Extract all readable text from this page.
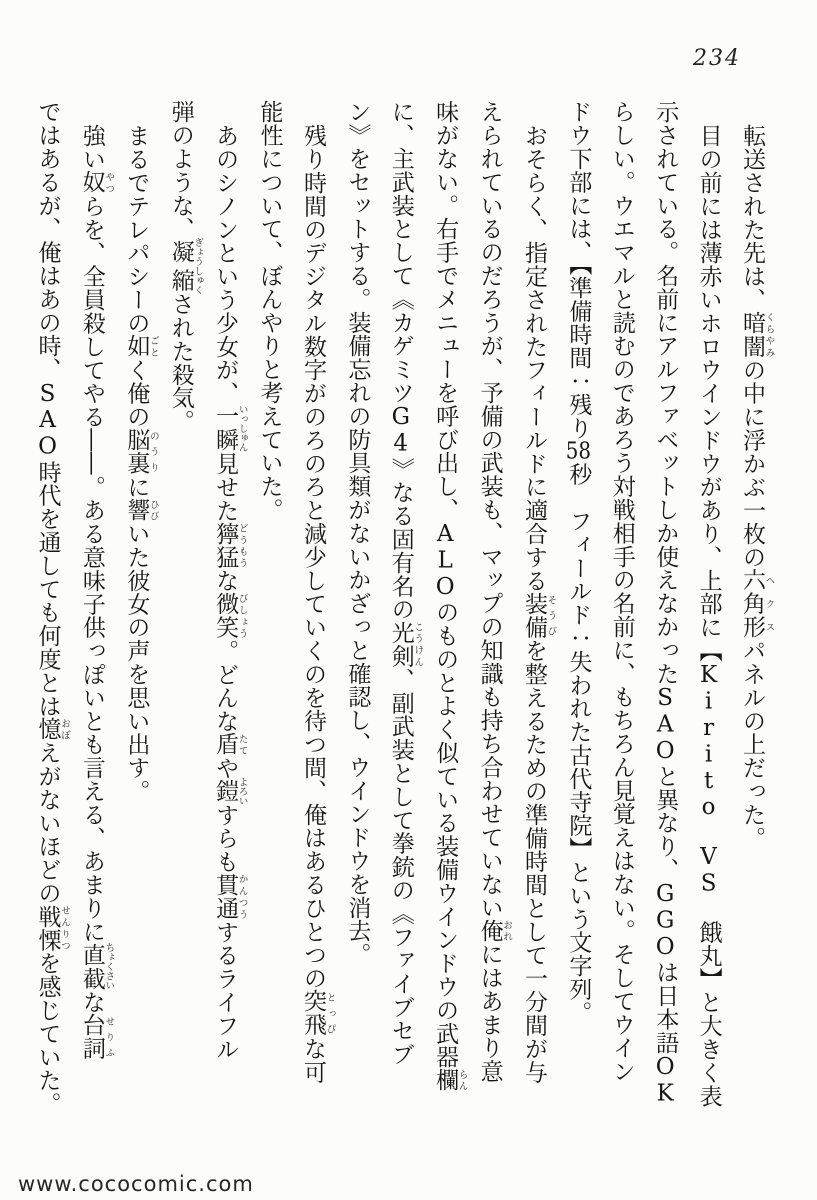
234
転送された先は、暗闇くらやみの中に浮かぶ一枚の六角形ヘクスパネルの上だった。
目の前には薄赤いホロウインドウがあり、上部に【Kirito　VS　餓丸】と大きく表
示されている。名前にアルファベットしか使えなかったSAOと異なり、GGOは日本語OK
らしい。ウエマルと読むのであろう対戦相手の名前に、もちろん見覚えはない。そしてウイン
ドウ下部には、【準備時間：残り58秒　フィールド：失われた古代寺院】という文字列。
おそらく、指定されたフィールドに適合する装備そうびを整えるための準備時間として一分間が与
えられているのだろうが、予備の武装も、マップの知識も持ち合わせていない俺おれにはあまり意
味がない。右手でメニューを呼び出し、ALOのものとよく似ている装備ウインドウの武器欄らん
に、主武装として《カゲミツG4》なる固有名の光剣こうけん、副武装として拳銃の《ファイブセブ
ン》をセットする。装備忘れの防具類がないかざっと確認し、ウインドウを消去。
残り時間のデジタル数字がのろのろと減少していくのを待つ間、俺はあるひとつの突飛とっぴな可
能性について、ぼんやりと考えていた。
あのシノンという少女が、一瞬いっしゅん見せた獰猛どうもうな微笑びしょう。どんな盾たてや鎧よろいすらも貫通かんつうするライフル
弾のような、凝縮ぎょうしゅくされた殺気。
まるでテレパシーの如ごとく俺の脳裏のうりに響ひびいた彼女の声を思い出す。
強い奴やつらを、全員殺してやる――。ある意味子供っぽいとも言える、あまりに直截ちょくさいな台詞せりふ
ではあるが、俺はあの時、SAO時代を通しても何度とは憶おぼえがないほどの戦慄せんりつを感じていた。
www.cococomic.com
